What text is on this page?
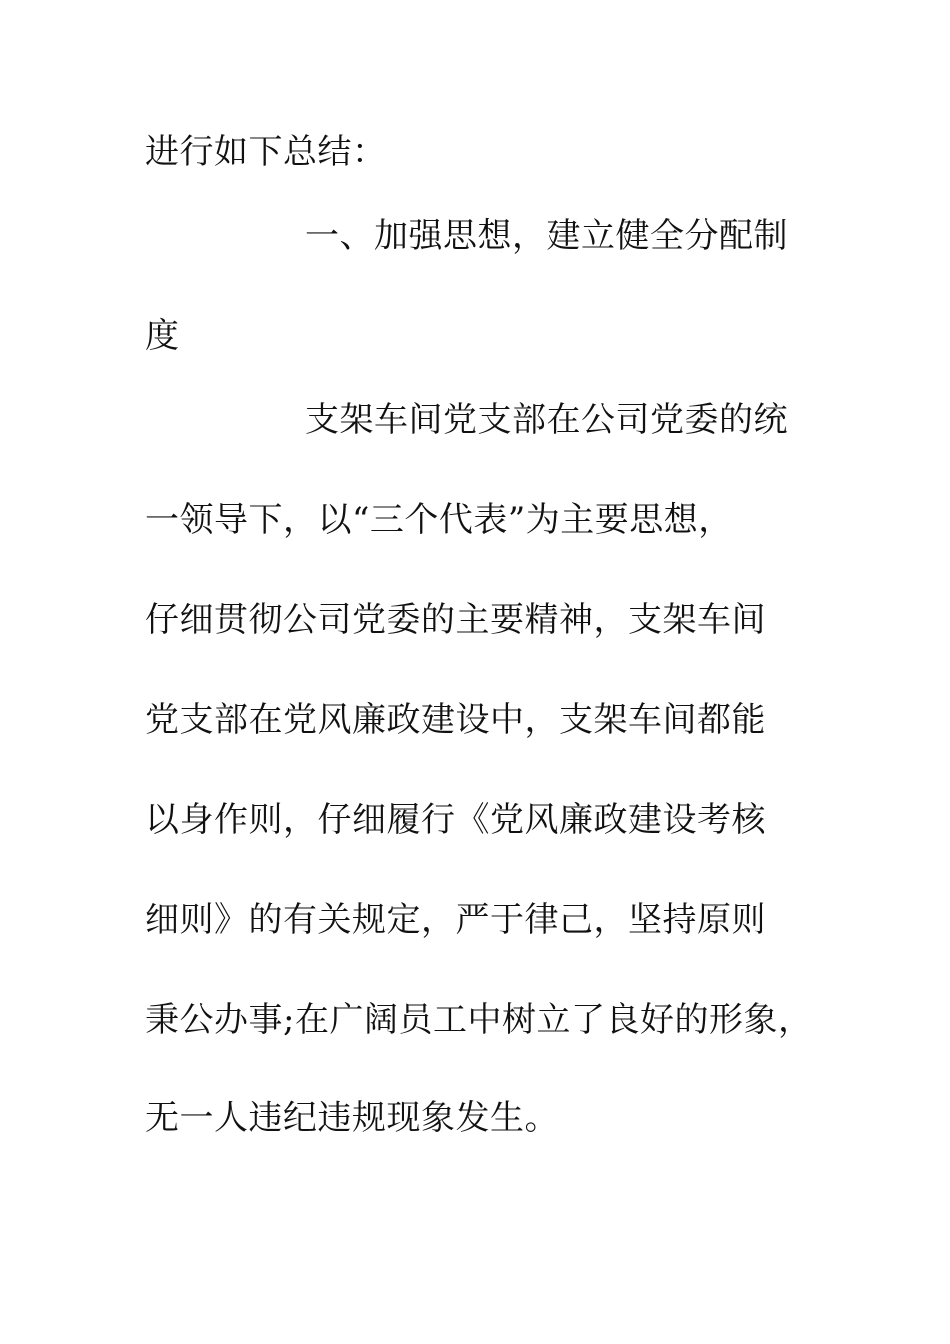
进行如下总结：
一、加强思想，建立健全分配制
度
支架车间党支部在公司党委的统
一领导下，以“三个代表”为主要思想，
仔细贯彻公司党委的主要精神，支架车间
党支部在党风廉政建设中，支架车间都能
以身作则，仔细履行《党风廉政建设考核
细则》的有关规定，严于律己，坚持原则
秉公办事;在广阔员工中树立了良好的形象，
无一人违纪违规现象发生。
